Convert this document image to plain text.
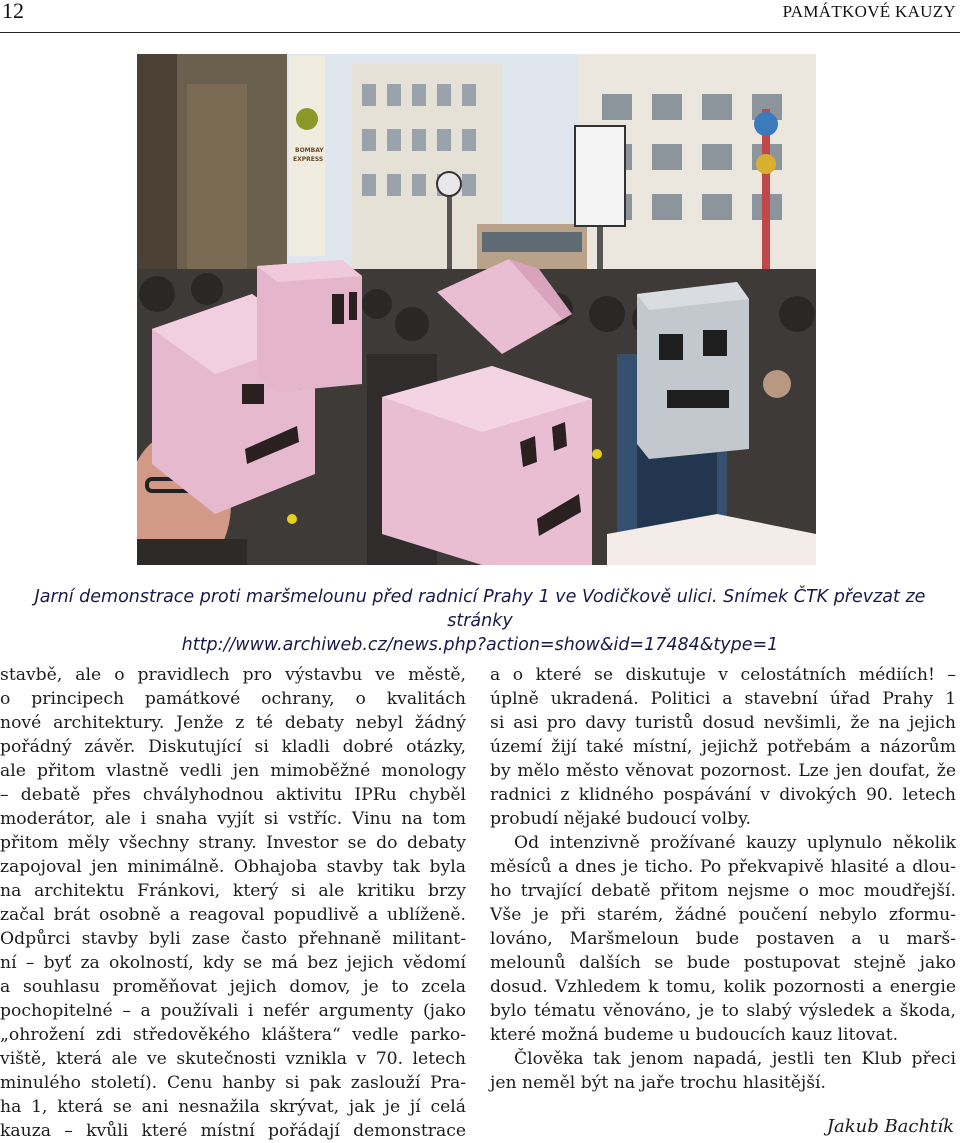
12	PAMÁTKOVÉ KAUZY
BOMBAY
EXPRESS
Jarní demonstrace proti maršmelounu před radnicí Prahy 1 ve Vodičkově ulici. Snímek ČTK převzat ze stránky
http://www.archiweb.cz/news.php?action=show&id=17484&type=1
stavbě, ale o pravidlech pro výstavbu ve městě,
o principech památkové ochrany, o kvalitách
nové architektury. Jenže z té debaty nebyl žádný
pořádný závěr. Diskutující si kladli dobré otázky,
ale přitom vlastně vedli jen mimoběžné monology
– debatě přes chvályhodnou aktivitu IPRu chyběl
moderátor, ale i snaha vyjít si vstříc. Vinu na tom
přitom měly všechny strany. Investor se do debaty
zapojoval jen minimálně. Obhajoba stavby tak byla
na architektu Fránkovi, který si ale kritiku brzy
začal brát osobně a reagoval popudlivě a ublíženě.
Odpůrci stavby byli zase často přehnaně militant-
ní – byť za okolností, kdy se má bez jejich vědomí
a souhlasu proměňovat jejich domov, je to zcela
pochopitelné – a používali i nefér argumenty (jako
„ohrožení zdi středověkého kláštera“ vedle parko-
viště, která ale ve skutečnosti vznikla v 70. letech
minulého století). Cenu hanby si pak zaslouží Pra-
ha 1, která se ani nesnažila skrývat, jak je jí celá
kauza – kvůli které místní pořádají demonstrace
a o které se diskutuje v celostátních médiích! –
úplně ukradená. Politici a stavební úřad Prahy 1
si asi pro davy turistů dosud nevšimli, že na jejich
území žijí také místní, jejichž potřebám a názorům
by mělo město věnovat pozornost. Lze jen doufat, že
radnici z klidného pospávání v divokých 90. letech
probudí nějaké budoucí volby.
Od intenzivně prožívané kauzy uplynulo několik
měsíců a dnes je ticho. Po překvapivě hlasité a dlou-
ho trvající debatě přitom nejsme o moc moudřejší.
Vše je při starém, žádné poučení nebylo zformu-
lováno, Maršmeloun bude postaven a u marš-
melounů dalších se bude postupovat stejně jako
dosud. Vzhledem k tomu, kolik pozornosti a energie
bylo tématu věnováno, je to slabý výsledek a škoda,
které možná budeme u budoucích kauz litovat.
Člověka tak jenom napadá, jestli ten Klub přeci
jen neměl být na jaře trochu hlasitější.
Jakub Bachtík
